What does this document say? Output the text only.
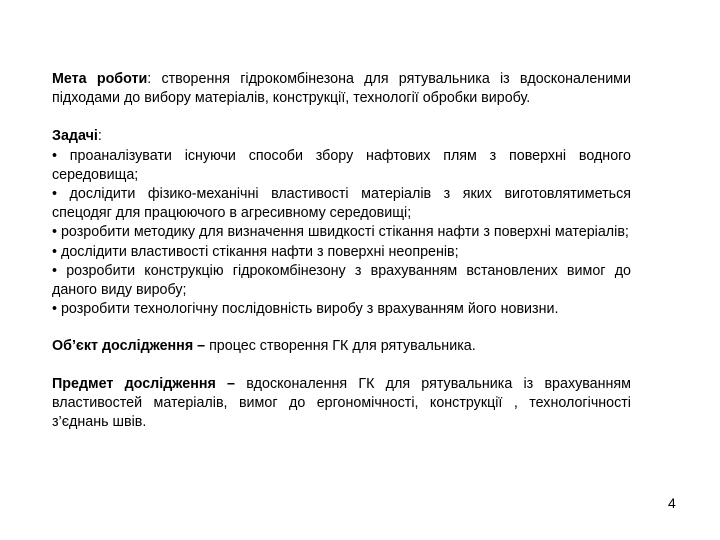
Мета роботи: створення гідрокомбінезона для рятувальника із вдосконаленими підходами до вибору матеріалів, конструкції, технології обробки виробу.

Задачі:

• проаналізувати існуючи способи збору нафтових плям з поверхні водного середовища;

• дослідити фізико-механічні властивості матеріалів з яких виготовлятиметься спецодяг для працюючого в агресивному середовищі;

• розробити методику для визначення швидкості стікання нафти з поверхні матеріалів;

• дослідити властивості стікання нафти з поверхні неопренів;

• розробити конструкцію гідрокомбінезону з врахуванням встановлених вимог до даного виду виробу;

• розробити технологічну послідовність виробу з врахуванням його новизни.

Об’єкт дослідження – процес створення ГК для рятувальника.

Предмет дослідження – вдосконалення ГК для рятувальника із врахуванням властивостей матеріалів, вимог до ергономічності, конструкції , технологічності з’єднань швів.

4
